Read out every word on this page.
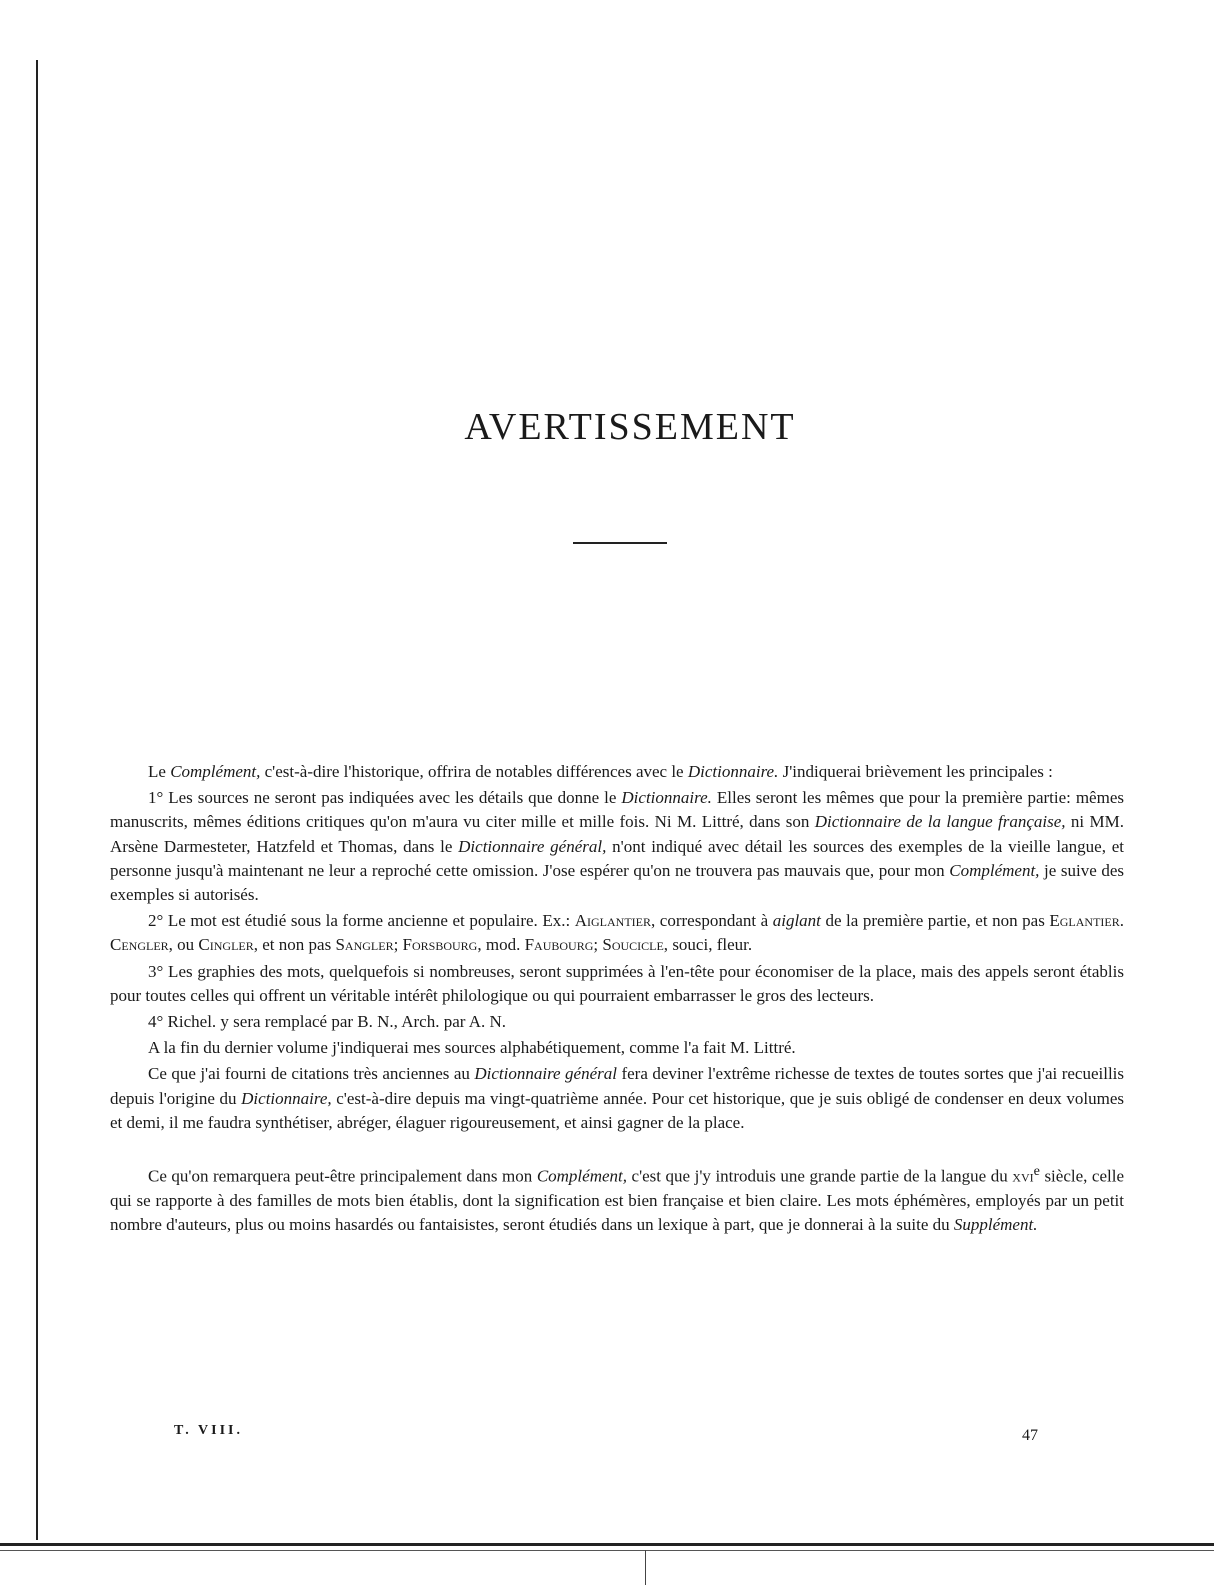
AVERTISSEMENT

Le Complément, c'est-à-dire l'historique, offrira de notables différences avec le Dictionnaire. J'indiquerai brièvement les principales :

1° Les sources ne seront pas indiquées avec les détails que donne le Dictionnaire. Elles seront les mêmes que pour la première partie: mêmes manuscrits, mêmes éditions critiques qu'on m'aura vu citer mille et mille fois. Ni M. Littré, dans son Dictionnaire de la langue française, ni MM. Arsène Darmesteter, Hatzfeld et Thomas, dans le Dictionnaire général, n'ont indiqué avec détail les sources des exemples de la vieille langue, et personne jusqu'à maintenant ne leur a reproché cette omission. J'ose espérer qu'on ne trouvera pas mauvais que, pour mon Complément, je suive des exemples si autorisés.

2° Le mot est étudié sous la forme ancienne et populaire. Ex.: Aiglantier, correspondant à aiglant de la première partie, et non pas Eglantier. Cengler, ou Cingler, et non pas Sangler; Forsbourg, mod. Faubourg; Soucicle, souci, fleur.

3° Les graphies des mots, quelquefois si nombreuses, seront supprimées à l'en-tête pour économiser de la place, mais des appels seront établis pour toutes celles qui offrent un véritable intérêt philologique ou qui pourraient embarrasser le gros des lecteurs.

4° Richel. y sera remplacé par B. N., Arch. par A. N.

A la fin du dernier volume j'indiquerai mes sources alphabétiquement, comme l'a fait M. Littré.

Ce que j'ai fourni de citations très anciennes au Dictionnaire général fera deviner l'extrême richesse de textes de toutes sortes que j'ai recueillis depuis l'origine du Dictionnaire, c'est-à-dire depuis ma vingt-quatrième année. Pour cet historique, que je suis obligé de condenser en deux volumes et demi, il me faudra synthétiser, abréger, élaguer rigoureusement, et ainsi gagner de la place.

Ce qu'on remarquera peut-être principalement dans mon Complément, c'est que j'y introduis une grande partie de la langue du xvi$^e$ siècle, celle qui se rapporte à des familles de mots bien établis, dont la signification est bien française et bien claire. Les mots éphémères, employés par un petit nombre d'auteurs, plus ou moins hasardés ou fantaisistes, seront étudiés dans un lexique à part, que je donnerai à la suite du Supplément.

T. VIII.	47
